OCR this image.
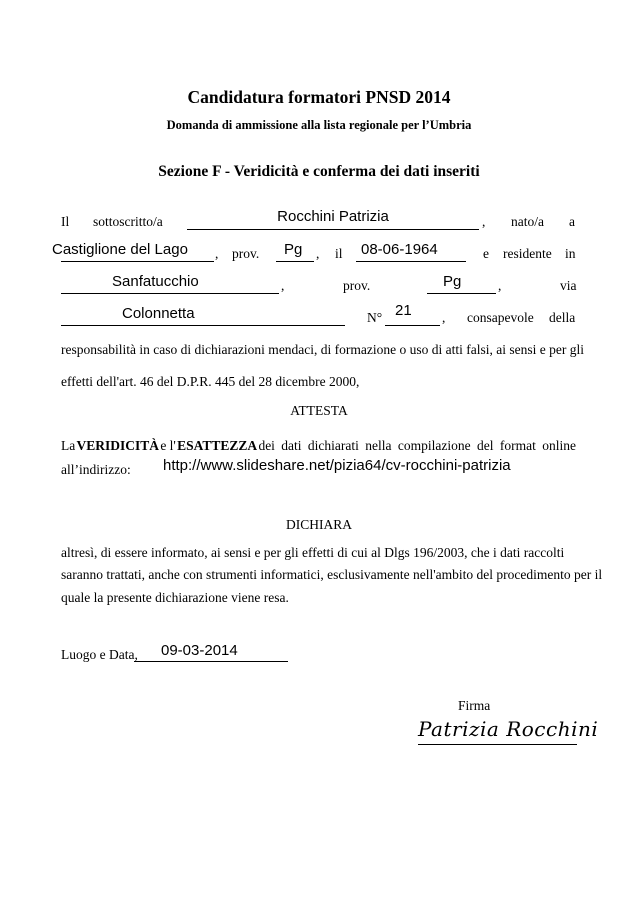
Candidatura formatori PNSD 2014
Domanda di ammissione alla lista regionale per l’Umbria
Sezione F - Veridicità e conferma dei dati inseriti
Il sottoscritto/a	Rocchini Patrizia	, nato/a a
Castiglione del Lago , prov. Pg , il 08-06-1964	e residente in
Sanfatucchio	,	prov.	Pg	,	via
Colonnetta	N° 21 , consapevole della
responsabilità in caso di dichiarazioni mendaci, di formazione o uso di atti falsi, ai sensi e per gli
effetti dell'art. 46 del D.P.R. 445 del 28 dicembre 2000,
ATTESTA
La VERIDICITÀ e l' ESATTEZZA dei dati dichiarati nella compilazione del format online
all’indirizzo: http://www.slideshare.net/pizia64/cv-rocchini-patrizia
DICHIARA
altresì, di essere informato, ai sensi e per gli effetti di cui al Dlgs 196/2003, che i dati raccolti
saranno trattati, anche con strumenti informatici, esclusivamente nell'ambito del procedimento per il
quale la presente dichiarazione viene resa.
Luogo e Data, 09-03-2014
Firma
Patrizia Rocchini
